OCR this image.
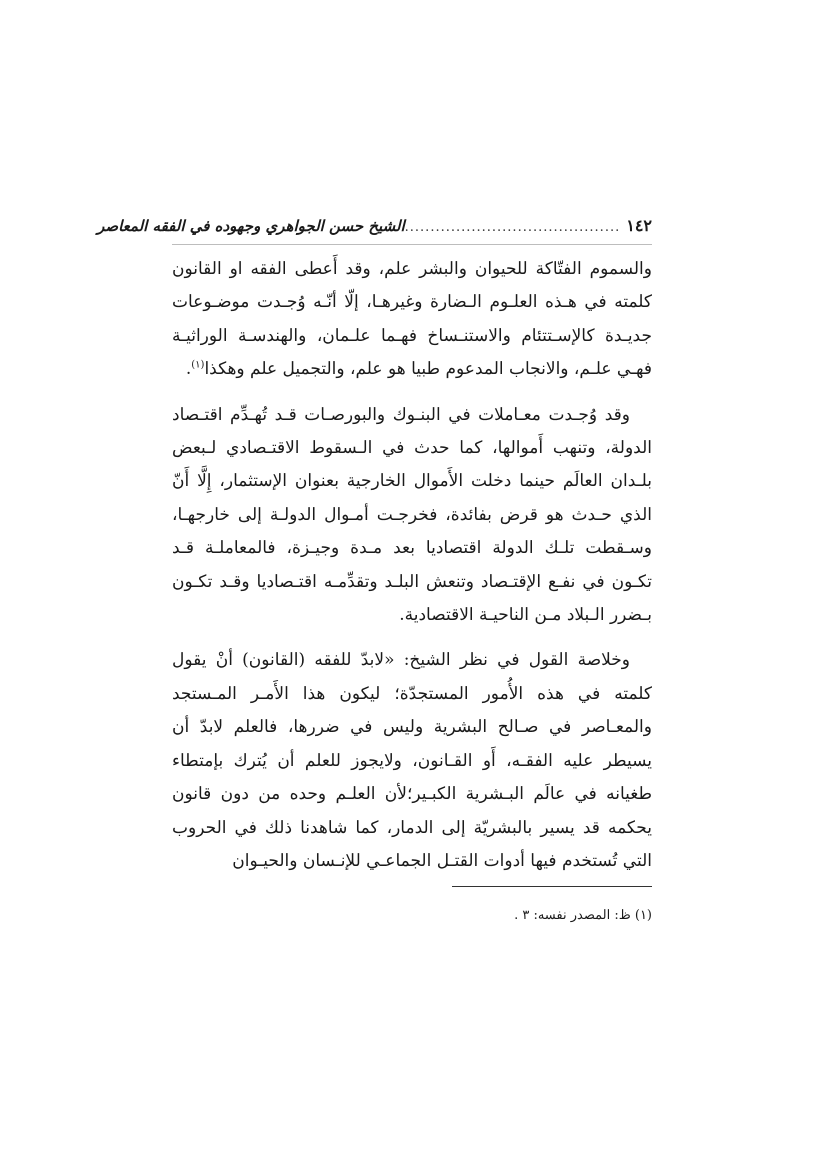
١٤٢
..........................................
الشيخ حسن الجواهري وجهوده في الفقه المعاصر

والسموم الفتّاكة للحيوان والبشر علم، وقد أَعطى الفقه او القانون كلمته في هـذه العلـوم الـضارة وغيرهـا، إلّا أنّـه وُجـدت موضـوعات جديـدة كالإسـتتئام والاستنـساخ فهـما علـمان، والهندسـة الوراثيـة فهـي علـم، والانجاب المدعوم طبيا هو علم، والتجميل علم وهكذا$^{(١)}$.

وقد وُجـدت معـاملات في البنـوك والبورصـات قـد تُهـدِّم اقتـصاد الدولة، وتنهب أَموالها، كما حدث في الـسقوط الاقتـصادي لـبعض بلـدان العالَم حينما دخلت الأَموال الخارجية بعنوان الإستثمار، إِلَّا أَنّ الذي حـدث هو قرض بفائدة، فخرجـت أمـوال الدولـة إلى خارجهـا، وسـقطت تلـك الدولة اقتصاديا بعد مـدة وجيـزة، فالمعاملـة قـد تكـون في نفـع الإقتـصاد وتنعش البلـد وتقدِّمـه اقتـصاديا وقـد تكـون بـضرر الـبلاد مـن الناحيـة الاقتصادية.

وخلاصة القول في نظر الشيخ: «لابدّ للفقه (القانون) أنْ يقول كلمته في هذه الأُمور المستجدّة؛ ليكون هذا الأَمـر المـستجد والمعـاصر في صـالح البشرية وليس في ضررها، فالعلم لابدّ أن يسيطر عليه الفقـه، أَو القـانون، ولايجوز للعلم أن يُترك بإمتطاء طغيانه في عالَم البـشرية الكبـير؛لأن العلـم وحده من دون قانون يحكمه قد يسير بالبشريّة إلى الدمار، كما شاهدنا ذلك في الحروب التي تُستخدم فيها أدوات القتـل الجماعـي للإنـسان والحيـوان

(١) ظ: المصدر نفسه: ٣ .
